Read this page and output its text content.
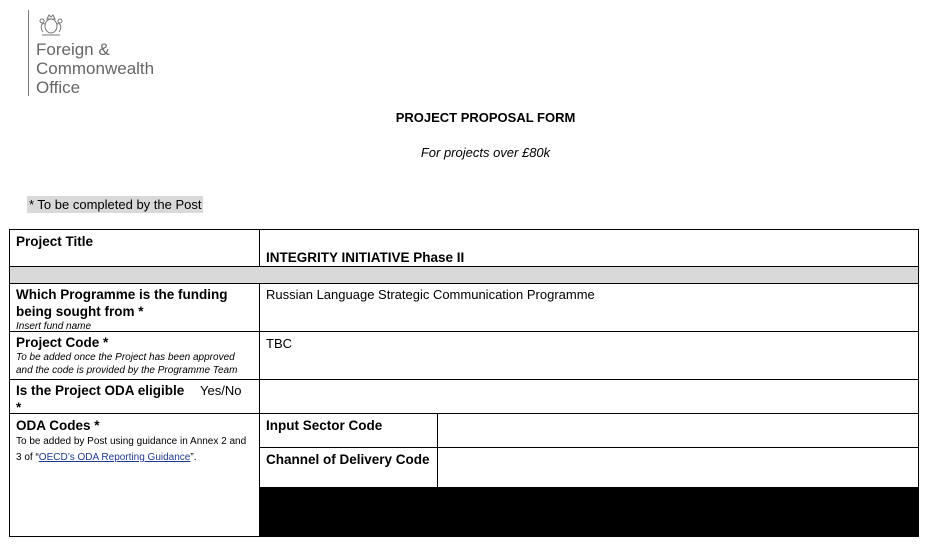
Foreign &
Commonwealth
Office
PROJECT PROPOSAL FORM
For projects over £80k
* To be completed by the Post
Project Title
INTEGRITY INITIATIVE Phase II
Which Programme is the funding being sought from *
Insert fund name
Russian Language Strategic Communication Programme
Project Code *
To be added once the Project has been approved and the code is provided by the Programme Team
TBC
Is the Project ODA eligible *
Yes/No
ODA Codes *
To be added by Post using guidance in Annex 2 and 3 of “OECD’s ODA Reporting Guidance”.
Input Sector Code
Channel of Delivery Code
